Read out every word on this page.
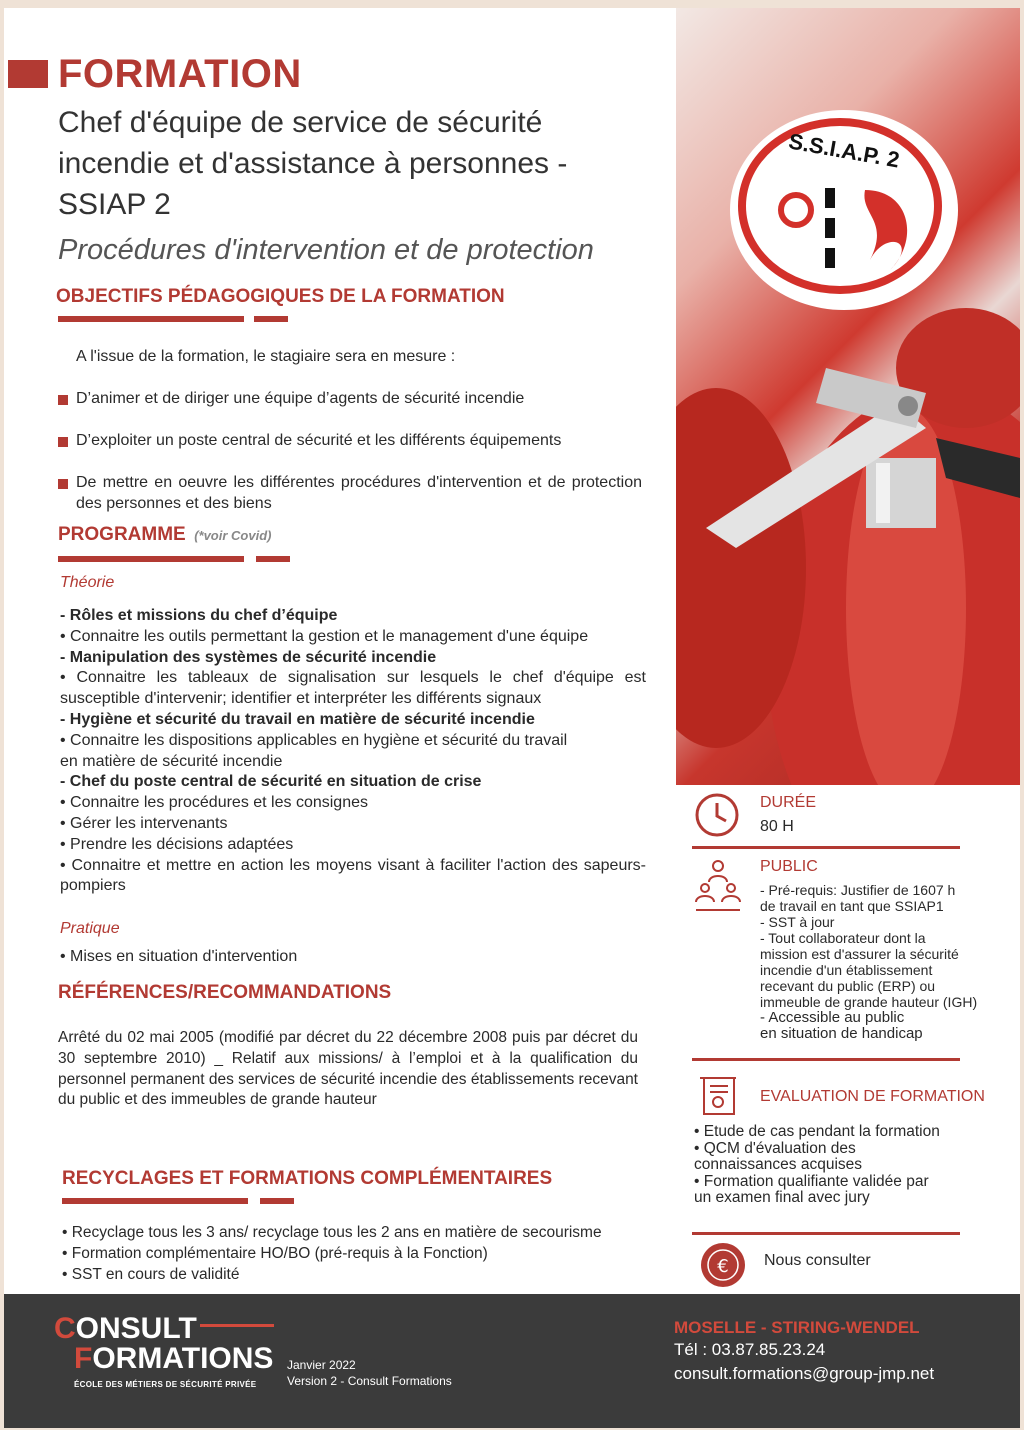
FORMATION
Chef d'équipe de service de sécurité incendie et d'assistance à personnes - SSIAP 2
Procédures d'intervention et de protection
S.S.I.A.P. 2
OBJECTIFS PÉDAGOGIQUES DE LA FORMATION
A l'issue de la formation, le stagiaire sera en mesure :
D’animer et de diriger une équipe d’agents de sécurité incendie
D’exploiter un poste central de sécurité et les différents équipements
De mettre en oeuvre les différentes procédures d'intervention et de protection des personnes et des biens
PROGRAMME (*voir Covid)
Théorie
- Rôles et missions du chef d’équipe
• Connaitre les outils permettant la gestion et le management d'une équipe
- Manipulation des systèmes de sécurité incendie
• Connaitre les tableaux de signalisation sur lesquels le chef d'équipe est susceptible d'intervenir; identifier et interpréter les différents signaux
- Hygiène et sécurité du travail en matière de sécurité incendie
• Connaitre les dispositions applicables en hygiène et sécurité du travail en matière de sécurité incendie
- Chef du poste central de sécurité en situation de crise
• Connaitre les procédures et les consignes
• Gérer les intervenants
• Prendre les décisions adaptées
• Connaitre et mettre en action les moyens visant à faciliter l'action des sapeurs-pompiers
Pratique
• Mises en situation d'intervention
RÉFÉRENCES/RECOMMANDATIONS
Arrêté du 02 mai 2005 (modifié par décret du 22 décembre 2008 puis par décret du 30 septembre 2010) _ Relatif aux missions/ à l’emploi et à la qualification du personnel permanent des services de sécurité incendie des établissements recevant du public et des immeubles de grande hauteur
RECYCLAGES ET FORMATIONS COMPLÉMENTAIRES
• Recyclage tous les 3 ans/ recyclage tous les 2 ans en matière de secourisme
• Formation complémentaire HO/BO (pré-requis à la Fonction)
• SST en cours de validité
DURÉE
80 H
PUBLIC
- Pré-requis: Justifier de 1607 h
de travail en tant que SSIAP1
- SST à jour
- Tout collaborateur dont la
mission est d'assurer la sécurité
incendie d'un établissement
recevant du public (ERP) ou
immeuble de grande hauteur (IGH)
- Accessible au public
en situation de handicap
EVALUATION DE FORMATION
• Etude de cas pendant la formation
• QCM d'évaluation des
connaissances acquises
• Formation qualifiante validée par
un examen final avec jury
€ Nous consulter
CONSULT
FORMATIONS
ÉCOLE DES MÉTIERS DE SÉCURITÉ PRIVÉE
Janvier 2022
Version 2 - Consult Formations
MOSELLE - STIRING-WENDEL
Tél : 03.87.85.23.24
consult.formations@group-jmp.net
